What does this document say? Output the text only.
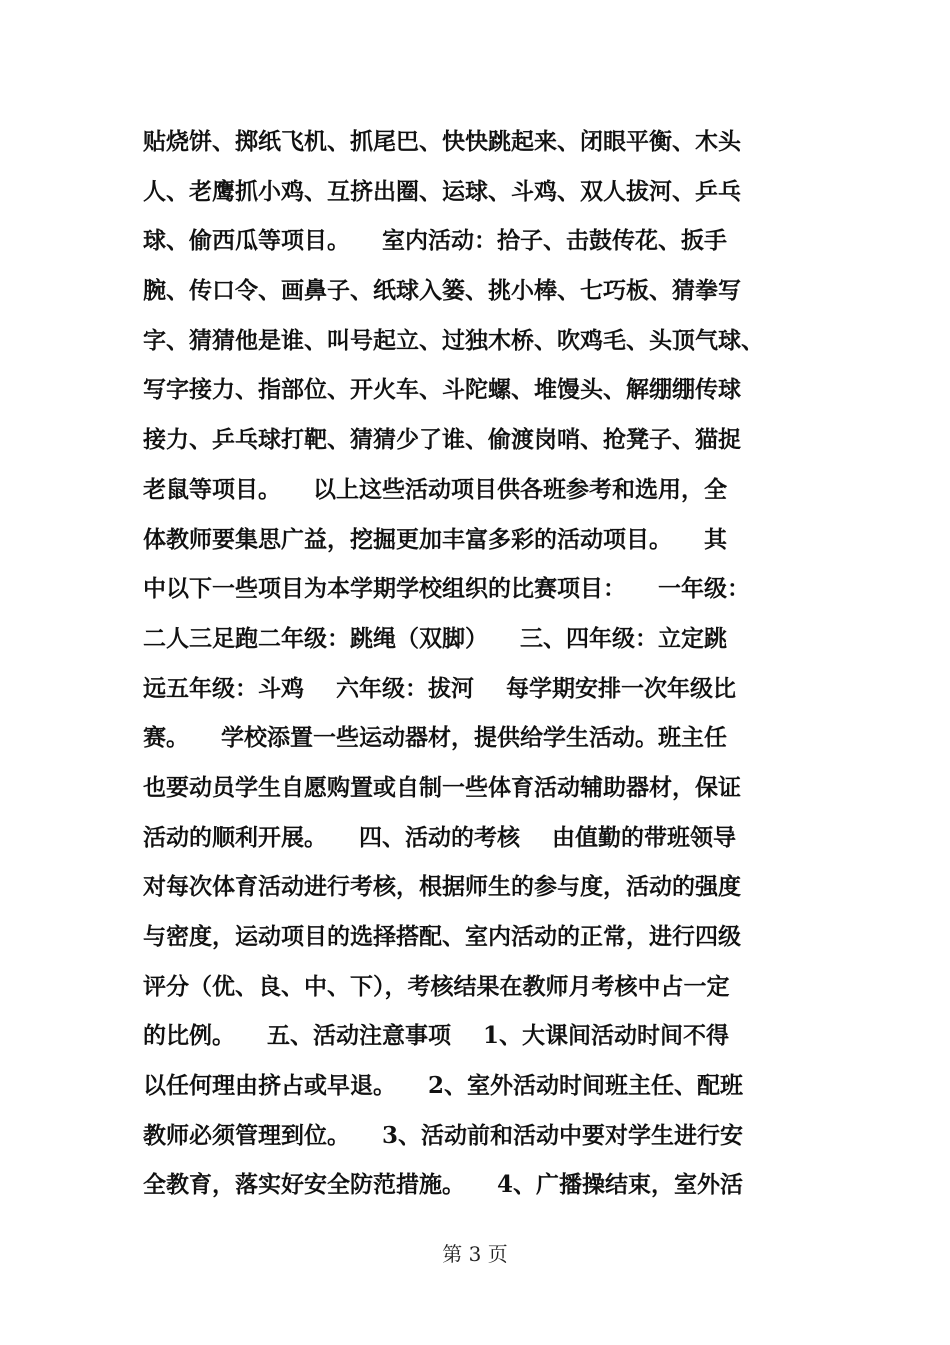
贴烧饼、掷纸飞机、抓尾巴、快快跳起来、闭眼平衡、木头
人、老鹰抓小鸡、互挤出圈、运球、斗鸡、双人拔河、乒乓
球、偷西瓜等项目。    室内活动：拾子、击鼓传花、扳手
腕、传口令、画鼻子、纸球入篓、挑小棒、七巧板、猜拳写
字、猜猜他是谁、叫号起立、过独木桥、吹鸡毛、头顶气球、
写字接力、指部位、开火车、斗陀螺、堆馒头、解绷绷传球
接力、乒乓球打靶、猜猜少了谁、偷渡岗哨、抢凳子、猫捉
老鼠等项目。    以上这些活动项目供各班参考和选用，全
体教师要集思广益，挖掘更加丰富多彩的活动项目。    其
中以下一些项目为本学期学校组织的比赛项目：    一年级：
二人三足跑二年级：跳绳（双脚）    三、四年级：立定跳
远五年级：斗鸡    六年级：拔河    每学期安排一次年级比
赛。    学校添置一些运动器材，提供给学生活动。班主任
也要动员学生自愿购置或自制一些体育活动辅助器材，保证
活动的顺利开展。    四、活动的考核    由值勤的带班领导
对每次体育活动进行考核，根据师生的参与度，活动的强度
与密度，运动项目的选择搭配、室内活动的正常，进行四级
评分（优、良、中、下），考核结果在教师月考核中占一定
的比例。    五、活动注意事项    1、大课间活动时间不得
以任何理由挤占或早退。    2、室外活动时间班主任、配班
教师必须管理到位。    3、活动前和活动中要对学生进行安
全教育，落实好安全防范措施。    4、广播操结束，室外活
第 3 页
